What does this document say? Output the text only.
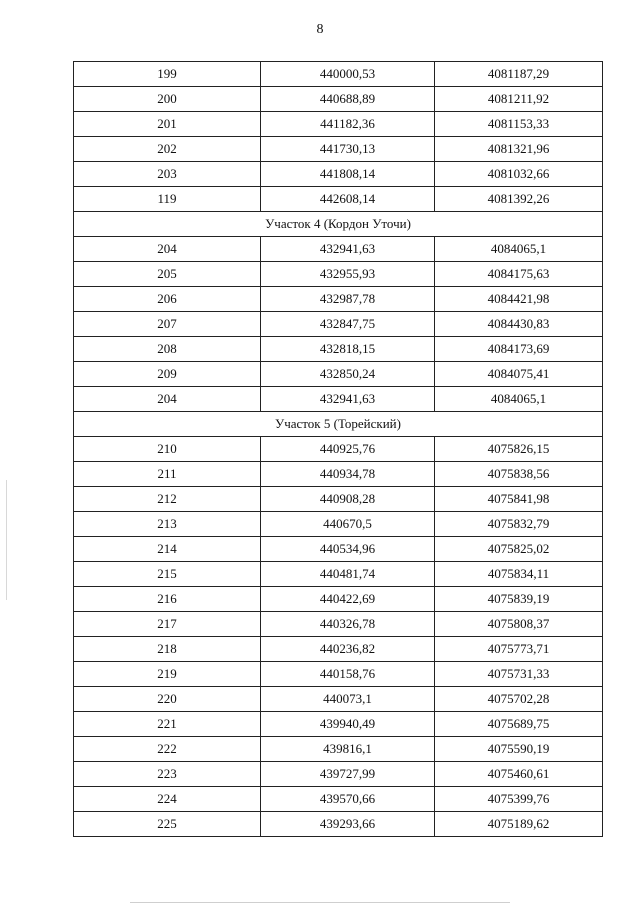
8
199	440000,53	4081187,29
200	440688,89	4081211,92
201	441182,36	4081153,33
202	441730,13	4081321,96
203	441808,14	4081032,66
119	442608,14	4081392,26
Участок 4 (Кордон Уточи)		
204	432941,63	4084065,1
205	432955,93	4084175,63
206	432987,78	4084421,98
207	432847,75	4084430,83
208	432818,15	4084173,69
209	432850,24	4084075,41
204	432941,63	4084065,1
Участок 5 (Торейский)		
210	440925,76	4075826,15
211	440934,78	4075838,56
212	440908,28	4075841,98
213	440670,5	4075832,79
214	440534,96	4075825,02
215	440481,74	4075834,11
216	440422,69	4075839,19
217	440326,78	4075808,37
218	440236,82	4075773,71
219	440158,76	4075731,33
220	440073,1	4075702,28
221	439940,49	4075689,75
222	439816,1	4075590,19
223	439727,99	4075460,61
224	439570,66	4075399,76
225	439293,66	4075189,62
